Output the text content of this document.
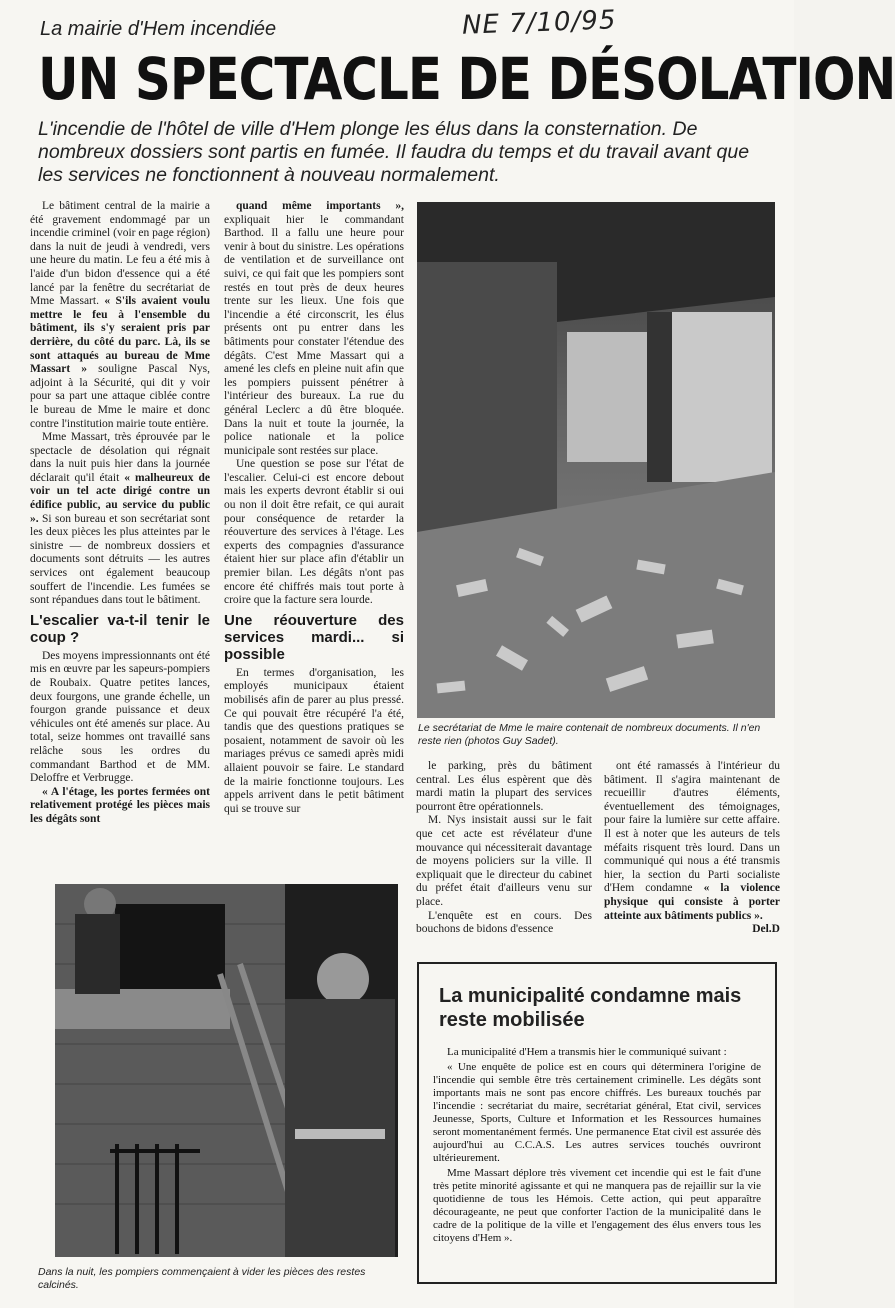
NE 7/10/95
La mairie d'Hem incendiée
UN SPECTACLE DE DÉSOLATION
L'incendie de l'hôtel de ville d'Hem plonge les élus dans la consternation. De nombreux dossiers sont partis en fumée. Il faudra du temps et du travail avant que les services ne fonctionnent à nouveau normalement.

Le bâtiment central de la mairie a été gravement endommagé par un incendie criminel (voir en page région) dans la nuit de jeudi à vendredi, vers une heure du matin. Le feu a été mis à l'aide d'un bidon d'essence qui a été lancé par la fenêtre du secrétariat de Mme Massart. « S'ils avaient voulu mettre le feu à l'ensemble du bâtiment, ils s'y seraient pris par derrière, du côté du parc. Là, ils se sont attaqués au bureau de Mme Massart » souligne Pascal Nys, adjoint à la Sécurité, qui dit y voir pour sa part une attaque ciblée contre le bureau de Mme le maire et donc contre l'institution mairie toute entière.

Mme Massart, très éprouvée par le spectacle de désolation qui régnait dans la nuit puis hier dans la journée déclarait qu'il était « malheureux de voir un tel acte dirigé contre un édifice public, au service du public ». Si son bureau et son secrétariat sont les deux pièces les plus atteintes par le sinistre — de nombreux dossiers et documents sont détruits — les autres services ont également beaucoup souffert de l'incendie. Les fumées se sont répandues dans tout le bâtiment.

L'escalier va-t-il tenir le coup ?

Des moyens impressionnants ont été mis en œuvre par les sapeurs-pompiers de Roubaix. Quatre petites lances, deux fourgons, une grande échelle, un fourgon grande puissance et deux véhicules ont été amenés sur place. Au total, seize hommes ont travaillé sans relâche sous les ordres du commandant Barthod et de MM. Deloffre et Verbrugge.

« A l'étage, les portes fermées ont relativement protégé les pièces mais les dégâts sont

quand même importants », expliquait hier le commandant Barthod. Il a fallu une heure pour venir à bout du sinistre. Les opérations de ventilation et de surveillance ont suivi, ce qui fait que les pompiers sont restés en tout près de deux heures trente sur les lieux. Une fois que l'incendie a été circonscrit, les élus présents ont pu entrer dans les bâtiments pour constater l'étendue des dégâts. C'est Mme Massart qui a amené les clefs en pleine nuit afin que les pompiers puissent pénétrer à l'intérieur des bureaux. La rue du général Leclerc a dû être bloquée. Dans la nuit et toute la journée, la police nationale et la police municipale sont restées sur place.

Une question se pose sur l'état de l'escalier. Celui-ci est encore debout mais les experts devront établir si oui ou non il doit être refait, ce qui aurait pour conséquence de retarder la réouverture des services à l'étage. Les experts des compagnies d'assurance étaient hier sur place afin d'établir un premier bilan. Les dégâts n'ont pas encore été chiffrés mais tout porte à croire que la facture sera lourde.

Une réouverture des services mardi... si possible

En termes d'organisation, les employés municipaux étaient mobilisés afin de parer au plus pressé. Ce qui pouvait être récupéré l'a été, tandis que des questions pratiques se posaient, notamment de savoir où les mariages prévus ce samedi après midi allaient pouvoir se faire. Le standard de la mairie fonctionne toujours. Les appels arrivent dans le petit bâtiment qui se trouve sur

Le secrétariat de Mme le maire contenait de nombreux documents. Il n'en reste rien (photos Guy Sadet).

le parking, près du bâtiment central. Les élus espèrent que dès mardi matin la plupart des services pourront être opérationnels.

M. Nys insistait aussi sur le fait que cet acte est révélateur d'une mouvance qui nécessiterait davantage de moyens policiers sur la ville. Il expliquait que le directeur du cabinet du préfet était d'ailleurs venu sur place.

L'enquête est en cours. Des bouchons de bidons d'essence

ont été ramassés à l'intérieur du bâtiment. Il s'agira maintenant de recueillir d'autres éléments, éventuellement des témoignages, pour faire la lumière sur cette affaire. Il est à noter que les auteurs de tels méfaits risquent très lourd. Dans un communiqué qui nous a été transmis hier, la section du Parti socialiste d'Hem condamne « la violence physique qui consiste à porter atteinte aux bâtiments publics ».

Del.D
Dans la nuit, les pompiers commençaient à vider les pièces des restes calcinés.
La municipalité condamne mais reste mobilisée

La municipalité d'Hem a transmis hier le communiqué suivant :

« Une enquête de police est en cours qui déterminera l'origine de l'incendie qui semble être très certainement criminelle. Les dégâts sont importants mais ne sont pas encore chiffrés. Les bureaux touchés par l'incendie : secrétariat du maire, secrétariat général, Etat civil, services Jeunesse, Sports, Culture et Information et les Ressources humaines seront momentanément fermés. Une permanence Etat civil est assurée dès aujourd'hui au C.C.A.S. Les autres services touchés ouvriront ultérieurement.

Mme Massart déplore très vivement cet incendie qui est le fait d'une très petite minorité agissante et qui ne manquera pas de rejaillir sur la vie quotidienne de tous les Hémois. Cette action, qui peut apparaître décourageante, ne peut que conforter l'action de la municipalité dans le cadre de la politique de la ville et l'engagement des élus envers tous les citoyens d'Hem ».
